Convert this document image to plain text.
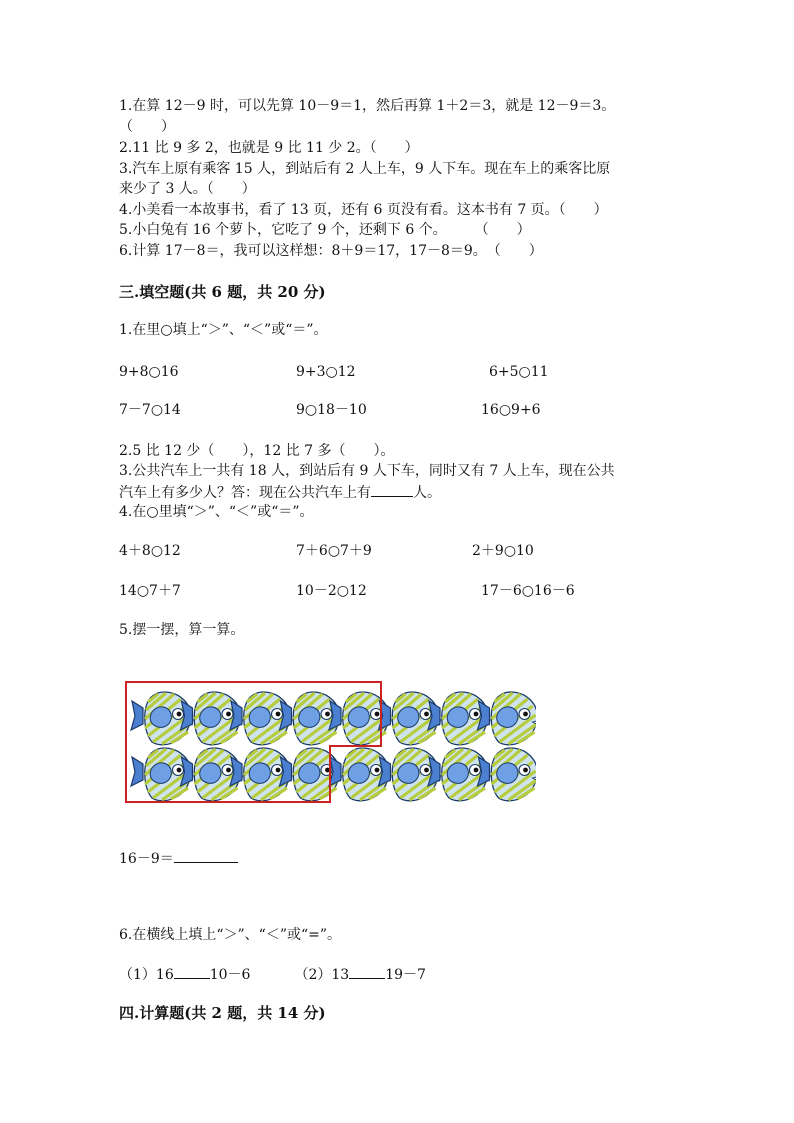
1.在算 12－9 时，可以先算 10－9＝1，然后再算 1＋2＝3，就是 12－9＝3。
（　　）
2.11 比 9 多 2，也就是 9 比 11 少 2。（　　）
3.汽车上原有乘客 15 人，到站后有 2 人上车，9 人下车。现在车上的乘客比原
来少了 3 人。（　　）
4.小美看一本故事书，看了 13 页，还有 6 页没有看。这本书有 7 页。（　　）
5.小白兔有 16 个萝卜，它吃了 9 个，还剩下 6 个。　　　（　　）
6.计算 17－8＝，我可以这样想：8＋9＝17，17－8＝9。　（　　）
三.填空题(共 6 题，共 20 分)
1.在里○填上“＞”、“＜”或“＝”。
9+8○16	9+3○12	6+5○11
7－7○14	9○18－10	16○9+6
2.5 比 12 少（　　），12 比 7 多（　　）。
3.公共汽车上一共有 18 人，到站后有 9 人下车，同时又有 7 人上车，现在公共
汽车上有多少人？答：现在公共汽车上有	人。
4.在○里填“＞”、“＜”或“＝”。
4＋8○12	7＋6○7＋9	2＋9○10
14○7＋7	10－2○12	17－6○16－6
5.摆一摆，算一算。
16－9＝
6.在横线上填上“＞”、“＜”或“=”。
（1）16	10－6	（2）13	19－7
四.计算题(共 2 题，共 14 分)
